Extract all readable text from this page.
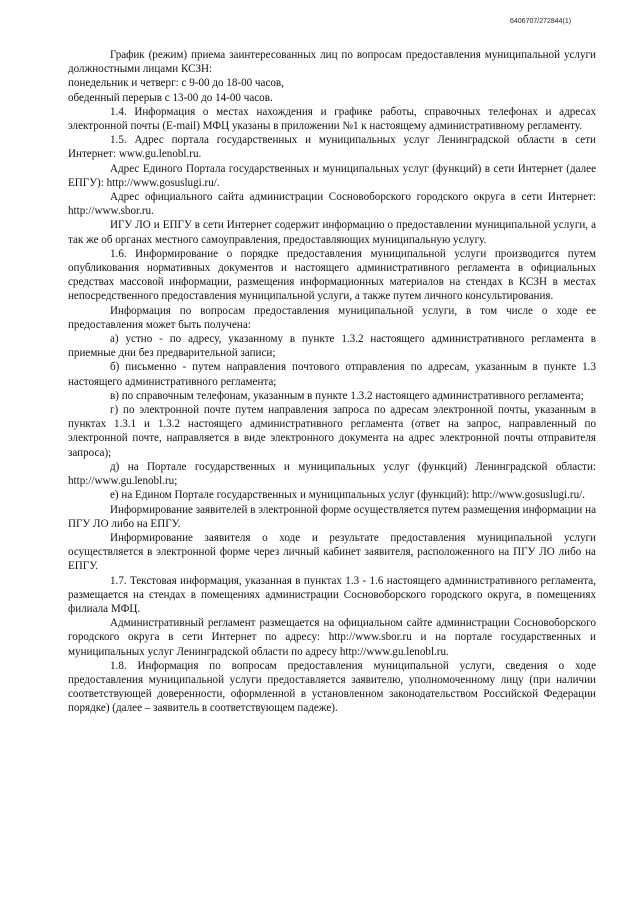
6406707/272844(1)

График (режим) приема заинтересованных лиц по вопросам предоставления муниципальной услуги должностными лицами КСЗН:

понедельник и четверг: с 9-00 до 18-00 часов,

обеденный перерыв с 13-00 до 14-00 часов.

1.4. Информация о местах нахождения и графике работы, справочных телефонах и адресах электронной почты (E-mail) МФЦ указаны в приложении №1 к настоящему административному регламенту.

1.5. Адрес портала государственных и муниципальных услуг Ленинградской области в сети Интернет: www.gu.lenobl.ru.

Адрес Единого Портала государственных и муниципальных услуг (функций) в сети Интернет (далее ЕПГУ): http://www.gosuslugi.ru/.

Адрес официального сайта администрации Сосновоборского городского округа в сети Интернет: http://www.sbor.ru.

ИГУ ЛО и ЕПГУ в сети Интернет содержит информацию о предоставлении муниципальной услуги, а так же об органах местного самоуправления, предоставляющих муниципальную услугу.

1.6. Информирование о порядке предоставления муниципальной услуги производится путем опубликования нормативных документов и настоящего административного регламента в официальных средствах массовой информации, размещения информационных материалов на стендах в КСЗН в местах непосредственного предоставления муниципальной услуги, а также путем личного консультирования.

Информация по вопросам предоставления муниципальной услуги, в том числе о ходе ее предоставления может быть получена:

а) устно - по адресу, указанному в пункте 1.3.2 настоящего административного регламента в приемные дни без предварительной записи;

б) письменно - путем направления почтового отправления по адресам, указанным в пункте 1.3 настоящего административного регламента;

в) по справочным телефонам, указанным в пункте 1.3.2 настоящего административного регламента;

г) по электронной почте путем направления запроса по адресам электронной почты, указанным в пунктах 1.3.1 и 1.3.2 настоящего административного регламента (ответ на запрос, направленный по электронной почте, направляется в виде электронного документа на адрес электронной почты отправителя запроса);

д) на Портале государственных и муниципальных услуг (функций) Ленинградской области: http://www.gu.lenobl.ru;

е) на Едином Портале государственных и муниципальных услуг (функций): http://www.gosuslugi.ru/.

Информирование заявителей в электронной форме осуществляется путем размещения информации на ПГУ ЛО либо на ЕПГУ.

Информирование заявителя о ходе и результате предоставления муниципальной услуги осуществляется в электронной форме через личный кабинет заявителя, расположенного на ПГУ ЛО либо на ЕПГУ.

1.7. Текстовая информация, указанная в пунктах 1.3 - 1.6 настоящего административного регламента, размещается на стендах в помещениях администрации Сосновоборского городского округа, в помещениях филиала МФЦ.

Административный регламент размещается на официальном сайте администрации Сосновоборского городского округа в сети Интернет по адресу: http://www.sbor.ru и на портале государственных и муниципальных услуг Ленинградской области по адресу http://www.gu.lenobl.ru.

1.8. Информация по вопросам предоставления муниципальной услуги, сведения о ходе предоставления муниципальной услуги предоставляется заявителю, уполномоченному лицу (при наличии соответствующей доверенности, оформленной в установленном законодательством Российской Федерации порядке) (далее – заявитель в соответствующем падеже).
